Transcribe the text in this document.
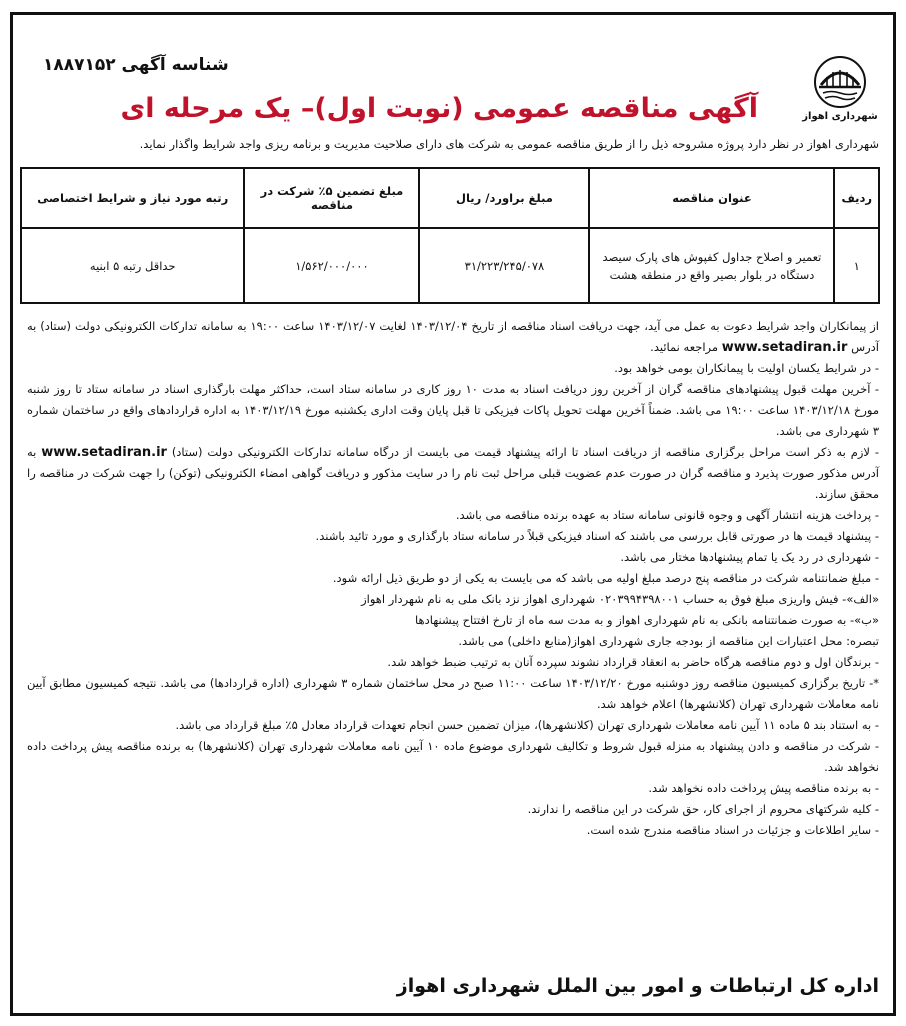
شهرداری اهواز
شناسه آگهی ۱۸۸۷۱۵۲
آگهی مناقصه عمومی (نوبت اول)– یک مرحله ای
شهرداری اهواز در نظر دارد پروژه مشروحه ذیل را از طریق مناقصه عمومی به شرکت های دارای صلاحیت مدیریت و برنامه ریزی واجد شرایط واگذار نماید.
ردیف	عنوان مناقصه	مبلغ براورد/ ریال	مبلغ تضمین ۵٪ شرکت در مناقصه	رتبه مورد نیاز و شرایط اختصاصی
۱	تعمیر و اصلاح جداول کفپوش های پارک سیصد دستگاه در بلوار بصیر واقع در منطقه هشت	۳۱/۲۲۳/۲۴۵/۰۷۸	۱/۵۶۲/۰۰۰/۰۰۰	حداقل رتبه ۵ ابنیه

از پیمانکاران واجد شرایط دعوت به عمل می آید، جهت دریافت اسناد مناقصه از تاریخ ۱۴۰۳/۱۲/۰۴ لغایت ۱۴۰۳/۱۲/۰۷ ساعت ۱۹:۰۰ به سامانه تدارکات الکترونیکی دولت (ستاد) به آدرس www.setadiran.ir مراجعه نمائید.

- در شرایط یکسان اولیت با پیمانکاران بومی خواهد بود.

- آخرین مهلت قبول پیشنهادهای مناقصه گران از آخرین روز دریافت اسناد به مدت ۱۰ روز کاری در سامانه ستاد است، حداکثر مهلت بارگذاری اسناد در سامانه ستاد تا روز شنبه مورخ ۱۴۰۳/۱۲/۱۸ ساعت ۱۹:۰۰ می باشد. ضمناً آخرین مهلت تحویل پاکات فیزیکی تا قبل پایان وقت اداری یکشنبه مورخ ۱۴۰۳/۱۲/۱۹ به اداره قراردادهای واقع در ساختمان شماره ۳ شهرداری می باشد.

- لازم به ذکر است مراحل برگزاری مناقصه از دریافت اسناد تا ارائه پیشنهاد قیمت می بایست از درگاه سامانه تدارکات الکترونیکی دولت (ستاد) www.setadiran.ir به آدرس مذکور صورت پذیرد و مناقصه گران در صورت عدم عضویت قبلی مراحل ثبت نام را در سایت مذکور و دریافت گواهی امضاء الکترونیکی (توکن) را جهت شرکت در مناقصه را محقق سازند.

- پرداخت هزینه انتشار آگهی و وجوه قانونی سامانه ستاد به عهده برنده مناقصه می باشد.

- پیشنهاد قیمت ها در صورتی قابل بررسی می باشند که اسناد فیزیکی قبلاً در سامانه ستاد بارگذاری و مورد تائید باشند.

- شهرداری در رد یک یا تمام پیشنهادها مختار می باشد.

- مبلغ ضمانتنامه شرکت در مناقصه پنج درصد مبلغ اولیه می باشد که می بایست به یکی از دو طریق ذیل ارائه شود.

«الف»- فیش واریزی مبلغ فوق به حساب ۰۲۰۳۹۹۴۳۹۸۰۰۱ شهرداری اهواز نزد بانک ملی به نام شهردار اهواز

«ب»- به صورت ضمانتنامه بانکی به نام شهرداری اهواز و به مدت سه ماه از تارخ افتتاح پیشنهادها

تبصره: محل اعتبارات این مناقصه از بودجه جاری شهرداری اهواز(منابع داخلی) می باشد.

- برندگان اول و دوم مناقصه هرگاه حاضر به انعقاد قرارداد نشوند سپرده آنان به ترتیب ضبط خواهد شد.

*- تاریخ برگزاری کمیسیون مناقصه روز دوشنبه مورخ ۱۴۰۳/۱۲/۲۰ ساعت ۱۱:۰۰ صبح در محل ساختمان شماره ۳ شهرداری (اداره قراردادها) می باشد. نتیجه کمیسیون مطابق آیین نامه معاملات شهرداری تهران (کلانشهرها) اعلام خواهد شد.

- به استناد بند ۵ ماده ۱۱ آیین نامه معاملات شهرداری تهران (کلانشهرها)، میزان تضمین حسن انجام تعهدات قرارداد معادل ۵٪ مبلغ قرارداد می باشد.

- شرکت در مناقصه و دادن پیشنهاد به منزله قبول شروط و تکالیف شهرداری موضوع ماده ۱۰ آیین نامه معاملات شهرداری تهران (کلانشهرها) به برنده مناقصه پیش پرداخت داده نخواهد شد.

- به برنده مناقصه پیش پرداخت داده نخواهد شد.

- کلیه شرکتهای محروم از اجرای کار، حق شرکت در این مناقصه را ندارند.

- سایر اطلاعات و جزئیات در اسناد مناقصه مندرج شده است.

اداره کل ارتباطات و امور بین الملل شهرداری اهواز
